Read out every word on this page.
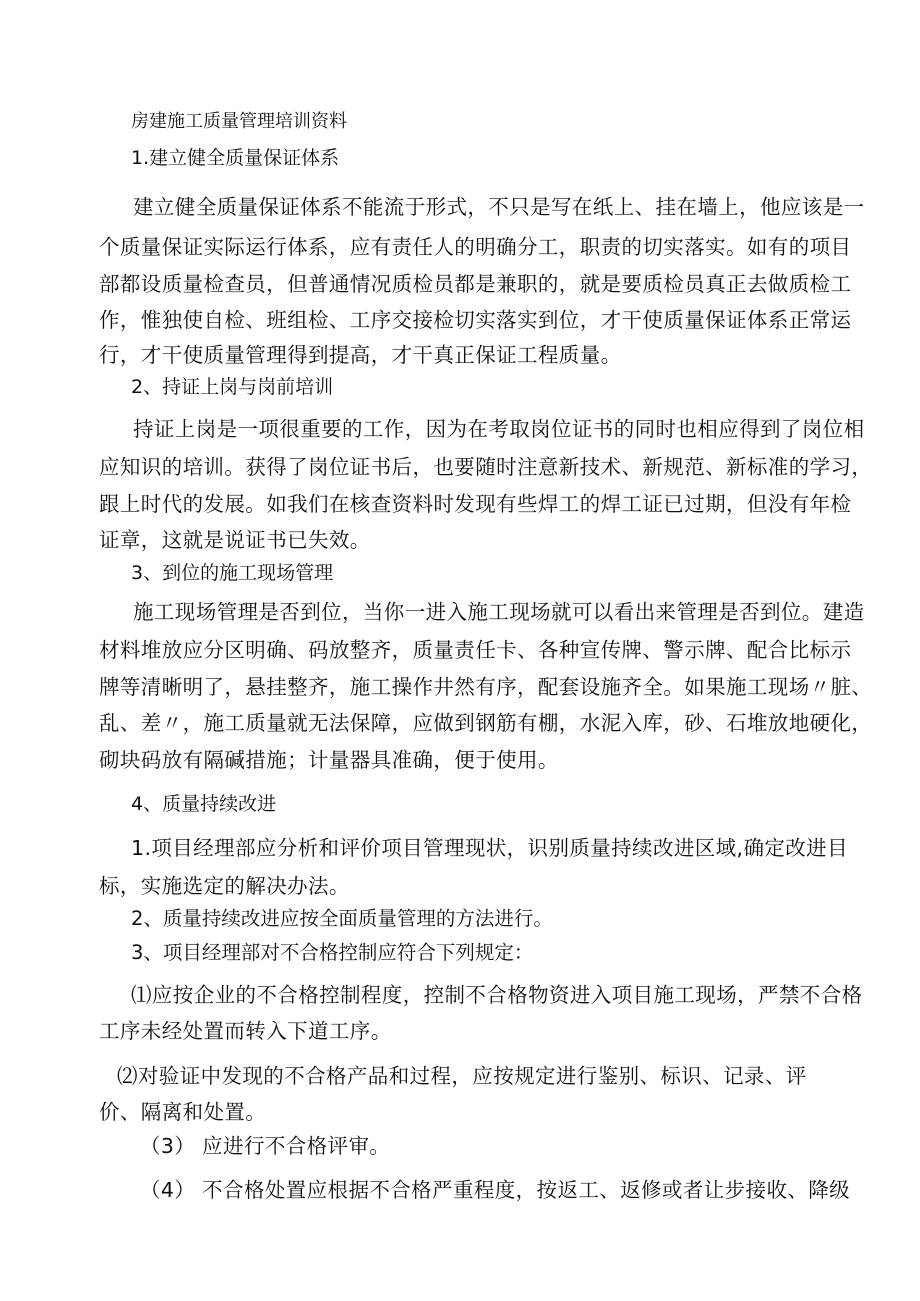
房建施工质量管理培训资料
1.建立健全质量保证体系
建立健全质量保证体系不能流于形式，不只是写在纸上、挂在墙上，他应该是一
个质量保证实际运行体系，应有责任人的明确分工，职责的切实落实。如有的项目
部都设质量检查员，但普通情况质检员都是兼职的，就是要质检员真正去做质检工
作，惟独使自检、班组检、工序交接检切实落实到位，才干使质量保证体系正常运
行，才干使质量管理得到提高，才干真正保证工程质量。
2、持证上岗与岗前培训
持证上岗是一项很重要的工作，因为在考取岗位证书的同时也相应得到了岗位相
应知识的培训。获得了岗位证书后，也要随时注意新技术、新规范、新标准的学习，
跟上时代的发展。如我们在核查资料时发现有些焊工的焊工证已过期，但没有年检
证章，这就是说证书已失效。
3、到位的施工现场管理
施工现场管理是否到位，当你一进入施工现场就可以看出来管理是否到位。建造
材料堆放应分区明确、码放整齐，质量责任卡、各种宣传牌、警示牌、配合比标示
牌等清晰明了，悬挂整齐，施工操作井然有序，配套设施齐全。如果施工现场〃脏、
乱、差〃，施工质量就无法保障，应做到钢筋有棚，水泥入库，砂、石堆放地硬化，
砌块码放有隔碱措施；计量器具准确，便于使用。
4、质量持续改进
1.项目经理部应分析和评价项目管理现状，识别质量持续改进区域,确定改进目
标，实施选定的解决办法。
2、质量持续改进应按全面质量管理的方法进行。
3、项目经理部对不合格控制应符合下列规定：
⑴应按企业的不合格控制程度，控制不合格物资进入项目施工现场，严禁不合格
工序未经处置而转入下道工序。
⑵对验证中发现的不合格产品和过程，应按规定进行鉴别、标识、记录、评
价、隔离和处置。
（3） 应进行不合格评审。
（4） 不合格处置应根据不合格严重程度，按返工、返修或者让步接收、降级
